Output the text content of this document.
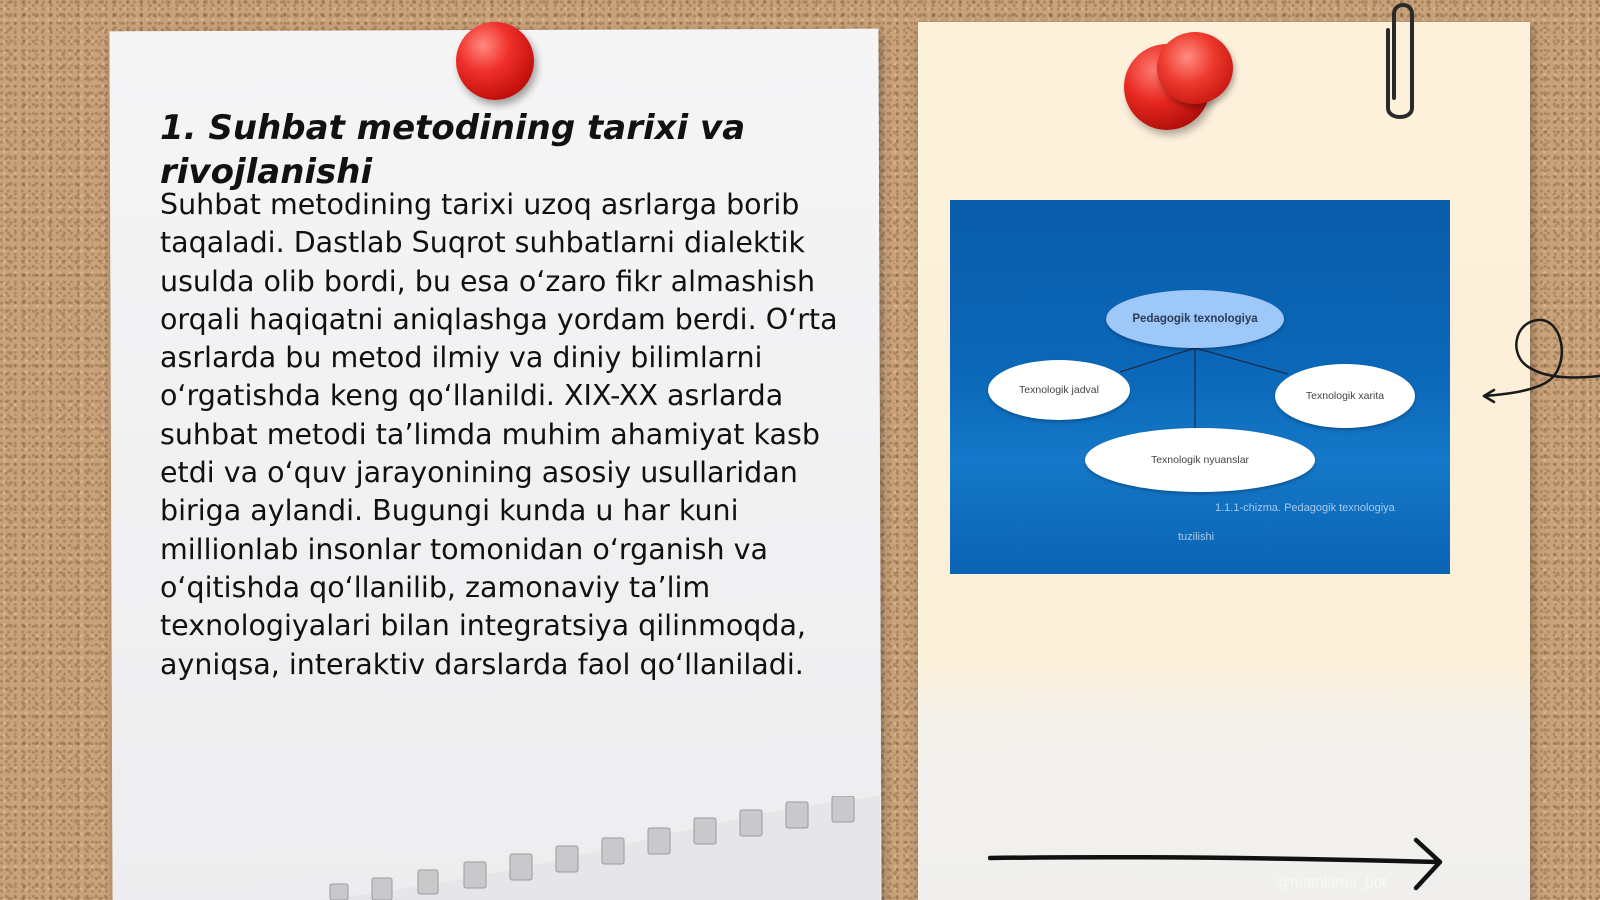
1. Suhbat metodining tarixi va rivojlanishi

Suhbat metodining tarixi uzoq asrlarga borib taqaladi. Dastlab Suqrot suhbatlarni dialektik usulda olib bordi, bu esa oʻzaro fikr almashish orqali haqiqatni aniqlashga yordam berdi. Oʻrta asrlarda bu metod ilmiy va diniy bilimlarni oʻrgatishda keng qoʻllanildi. XIX-XX asrlarda suhbat metodi ta’limda muhim ahamiyat kasb etdi va oʻquv jarayonining asosiy usullaridan biriga aylandi. Bugungi kunda u har kuni millionlab insonlar tomonidan oʻrganish va oʻqitishda qoʻllanilib, zamonaviy ta’lim texnologiyalari bilan integratsiya qilinmoqda, ayniqsa, interaktiv darslarda faol qoʻllaniladi.

Pedagogik texnologiya
Texnologik jadval	Texnologik xarita
Texnologik nyuanslar
1.1.1-chizma. Pedagogik texnologiya
tuzilishi
@matnlarga_bot
